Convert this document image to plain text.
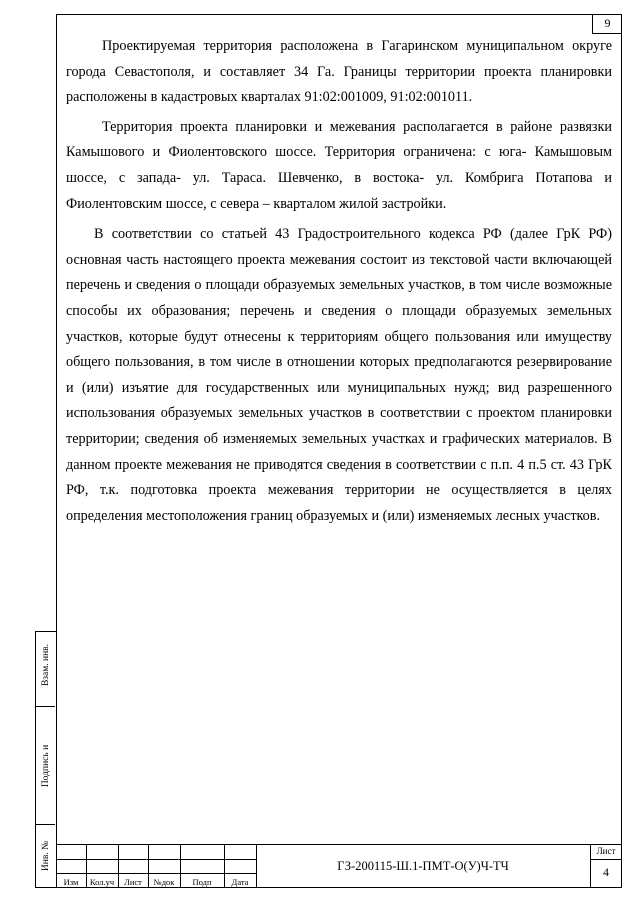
9

Проектируемая территория расположена в Гагаринском муниципальном округе города Севастополя, и составляет 34 Га. Границы территории проекта планировки расположены в кадастровых кварталах 91:02:001009, 91:02:001011.

Территория проекта планировки и межевания располагается в районе развязки Камышового и Фиолентовского шоссе. Территория ограничена: с юга- Камышовым шоссе, с запада- ул. Тараса. Шевченко, в востока- ул. Комбрига Потапова и Фиолентовским шоссе, с севера – кварталом жилой застройки.

В соответствии со статьей 43 Градостроительного кодекса РФ (далее ГрК РФ) основная часть настоящего проекта межевания состоит из текстовой части включающей перечень и сведения о площади образуемых земельных участков, в том числе возможные способы их образования; перечень и сведения о площади образуемых земельных участков, которые будут отнесены к территориям общего пользования или имуществу общего пользования, в том числе в отношении которых предполагаются резервирование и (или) изъятие для государственных или муниципальных нужд; вид разрешенного использования образуемых земельных участков в соответствии с проектом планировки территории; сведения об изменяемых земельных участках и графических материалов. В данном проекте межевания не приводятся сведения в соответствии с п.п. 4 п.5 ст. 43 ГрК РФ, т.к. подготовка проекта межевания территории не осуществляется в целях определения местоположения границ образуемых и (или) изменяемых лесных участков.

Взам. инв.
Подпись и
Инв. №
Изм	Кол.уч	Лист	№док	Подп	Дата
ГЗ-200115-Ш.1-ПМТ-О(У)Ч-ТЧ
Лист
4
